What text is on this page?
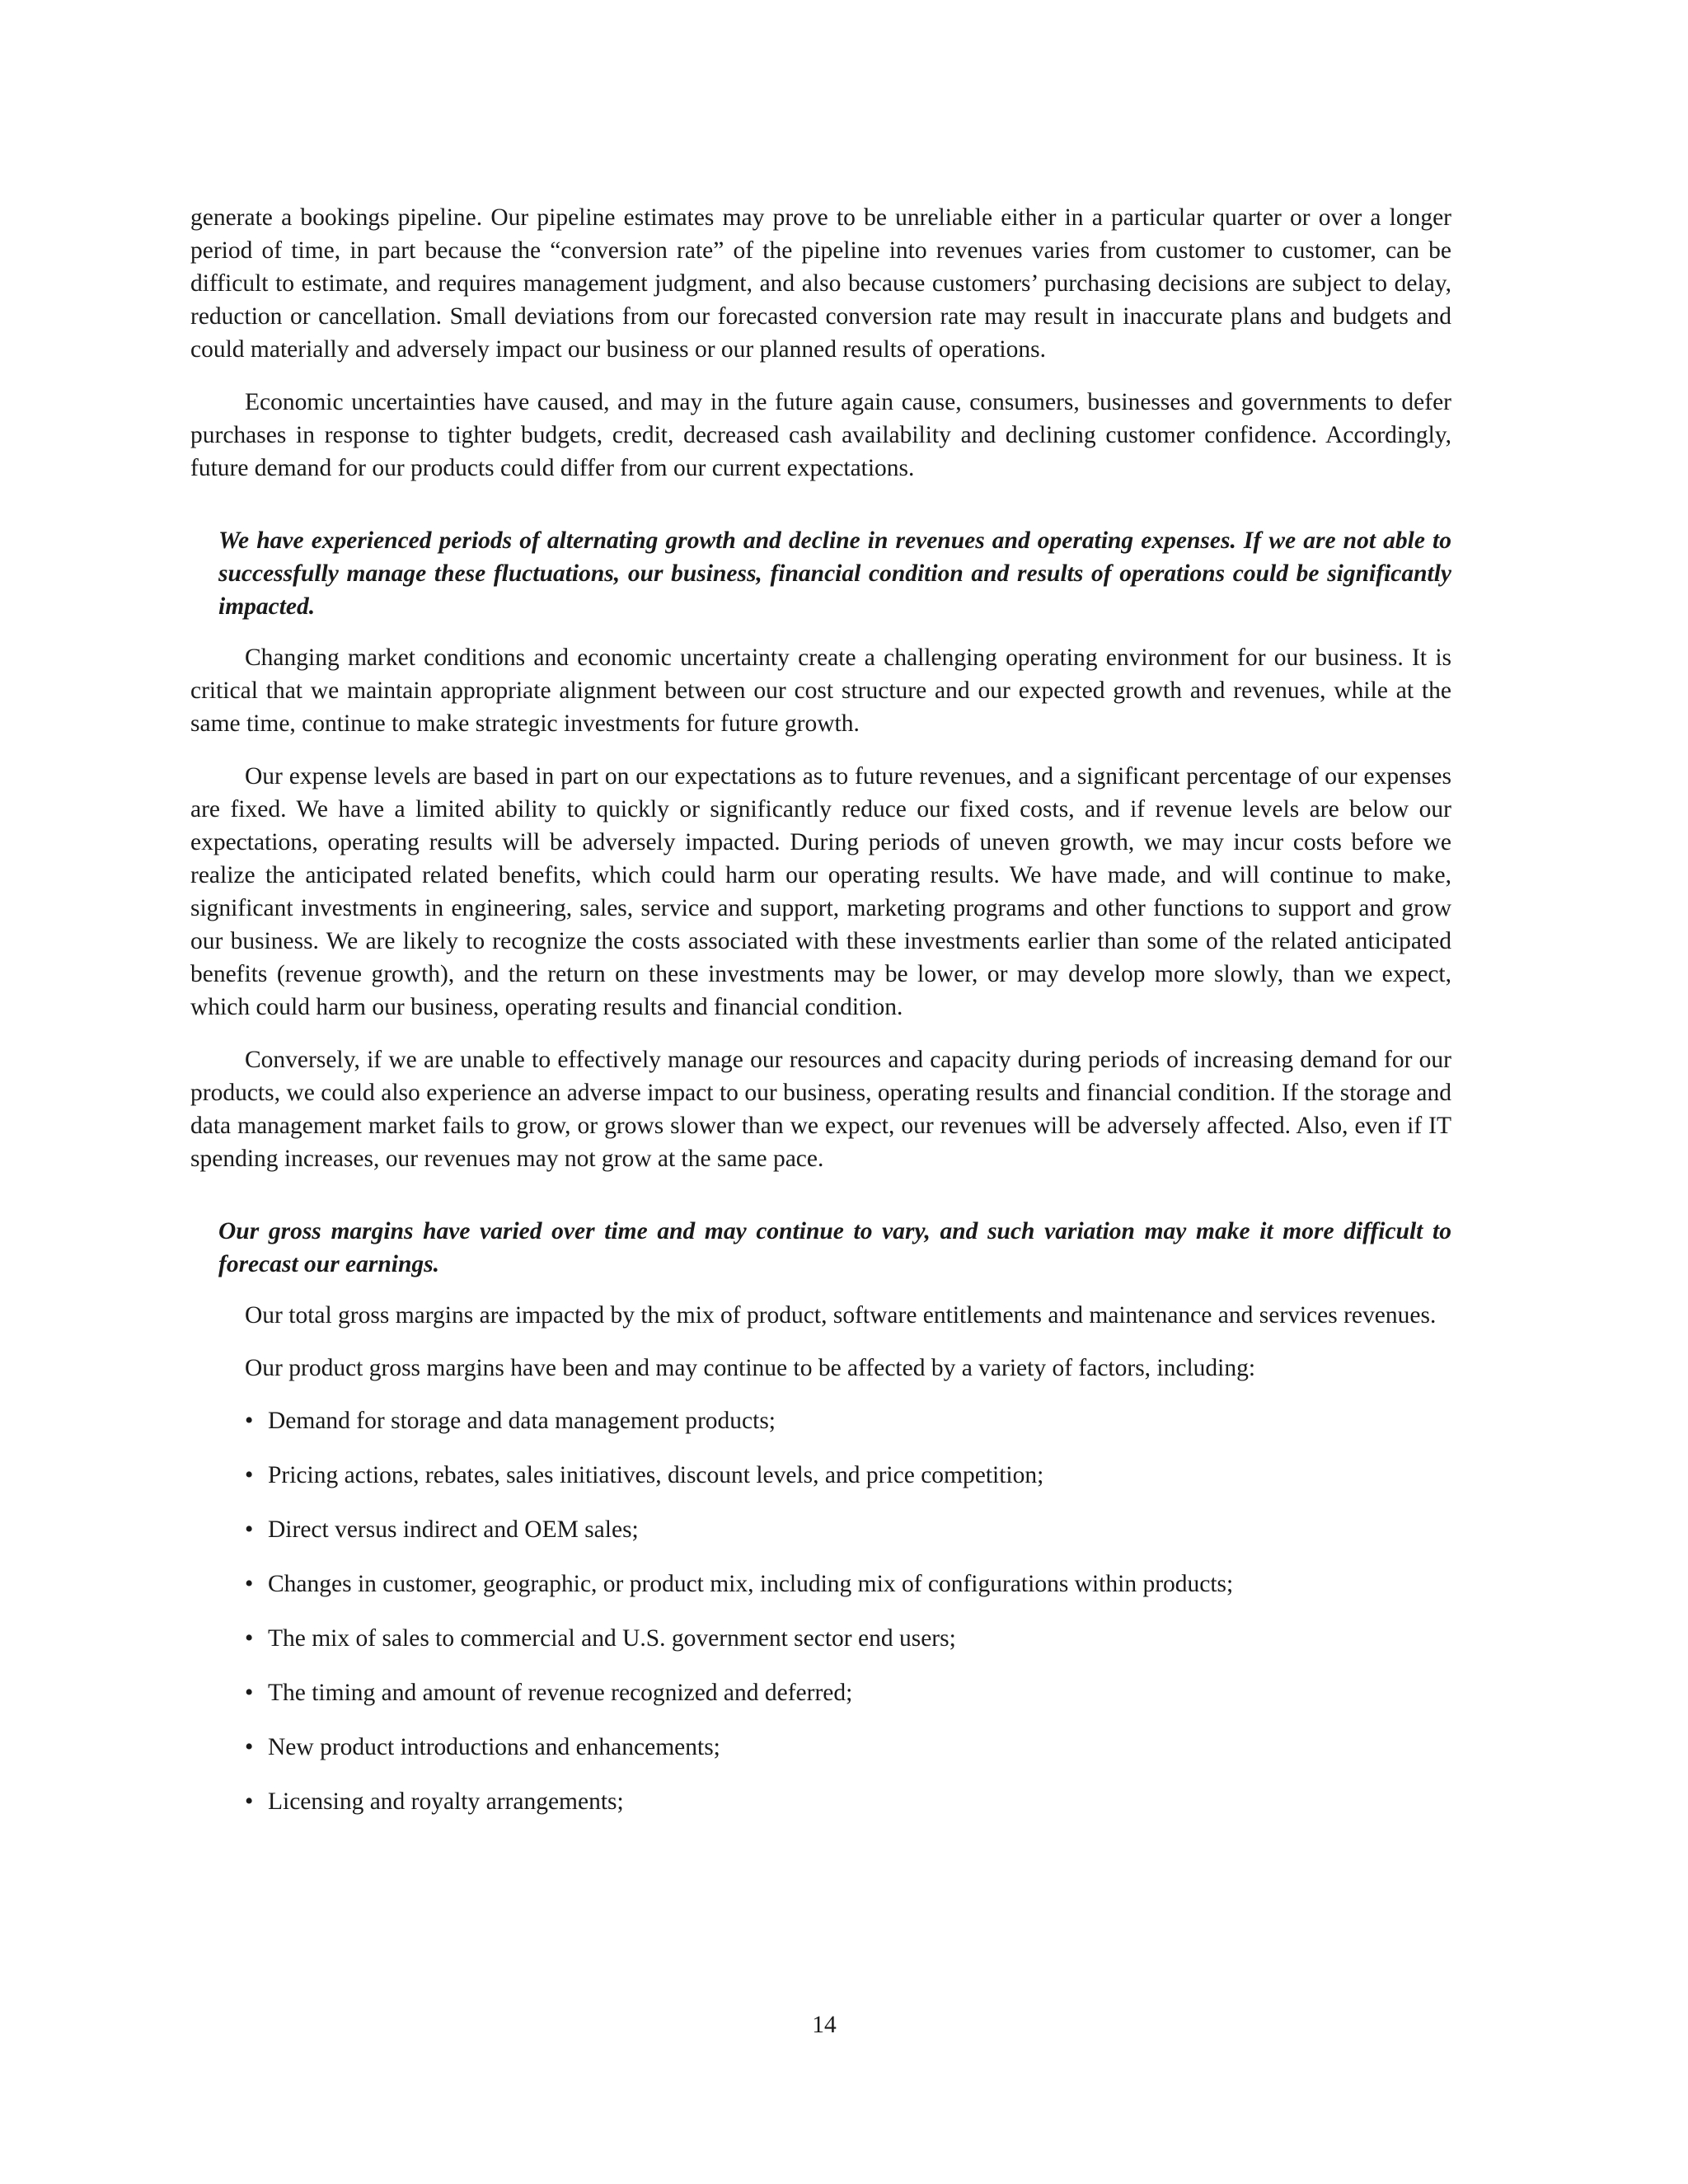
generate a bookings pipeline. Our pipeline estimates may prove to be unreliable either in a particular quarter or over a longer period of time, in part because the “conversion rate” of the pipeline into revenues varies from customer to customer, can be difficult to estimate, and requires management judgment, and also because customers’ purchasing decisions are subject to delay, reduction or cancellation. Small deviations from our forecasted conversion rate may result in inaccurate plans and budgets and could materially and adversely impact our business or our planned results of operations.

Economic uncertainties have caused, and may in the future again cause, consumers, businesses and governments to defer purchases in response to tighter budgets, credit, decreased cash availability and declining customer confidence. Accordingly, future demand for our products could differ from our current expectations.

We have experienced periods of alternating growth and decline in revenues and operating expenses. If we are not able to successfully manage these fluctuations, our business, financial condition and results of operations could be significantly impacted.

Changing market conditions and economic uncertainty create a challenging operating environment for our business. It is critical that we maintain appropriate alignment between our cost structure and our expected growth and revenues, while at the same time, continue to make strategic investments for future growth.

Our expense levels are based in part on our expectations as to future revenues, and a significant percentage of our expenses are fixed. We have a limited ability to quickly or significantly reduce our fixed costs, and if revenue levels are below our expectations, operating results will be adversely impacted. During periods of uneven growth, we may incur costs before we realize the anticipated related benefits, which could harm our operating results. We have made, and will continue to make, significant investments in engineering, sales, service and support, marketing programs and other functions to support and grow our business. We are likely to recognize the costs associated with these investments earlier than some of the related anticipated benefits (revenue growth), and the return on these investments may be lower, or may develop more slowly, than we expect, which could harm our business, operating results and financial condition.

Conversely, if we are unable to effectively manage our resources and capacity during periods of increasing demand for our products, we could also experience an adverse impact to our business, operating results and financial condition. If the storage and data management market fails to grow, or grows slower than we expect, our revenues will be adversely affected. Also, even if IT spending increases, our revenues may not grow at the same pace.

Our gross margins have varied over time and may continue to vary, and such variation may make it more difficult to forecast our earnings.

Our total gross margins are impacted by the mix of product, software entitlements and maintenance and services revenues.

Our product gross margins have been and may continue to be affected by a variety of factors, including:

• Demand for storage and data management products;
• Pricing actions, rebates, sales initiatives, discount levels, and price competition;
• Direct versus indirect and OEM sales;
• Changes in customer, geographic, or product mix, including mix of configurations within products;
• The mix of sales to commercial and U.S. government sector end users;
• The timing and amount of revenue recognized and deferred;
• New product introductions and enhancements;
• Licensing and royalty arrangements;
14
